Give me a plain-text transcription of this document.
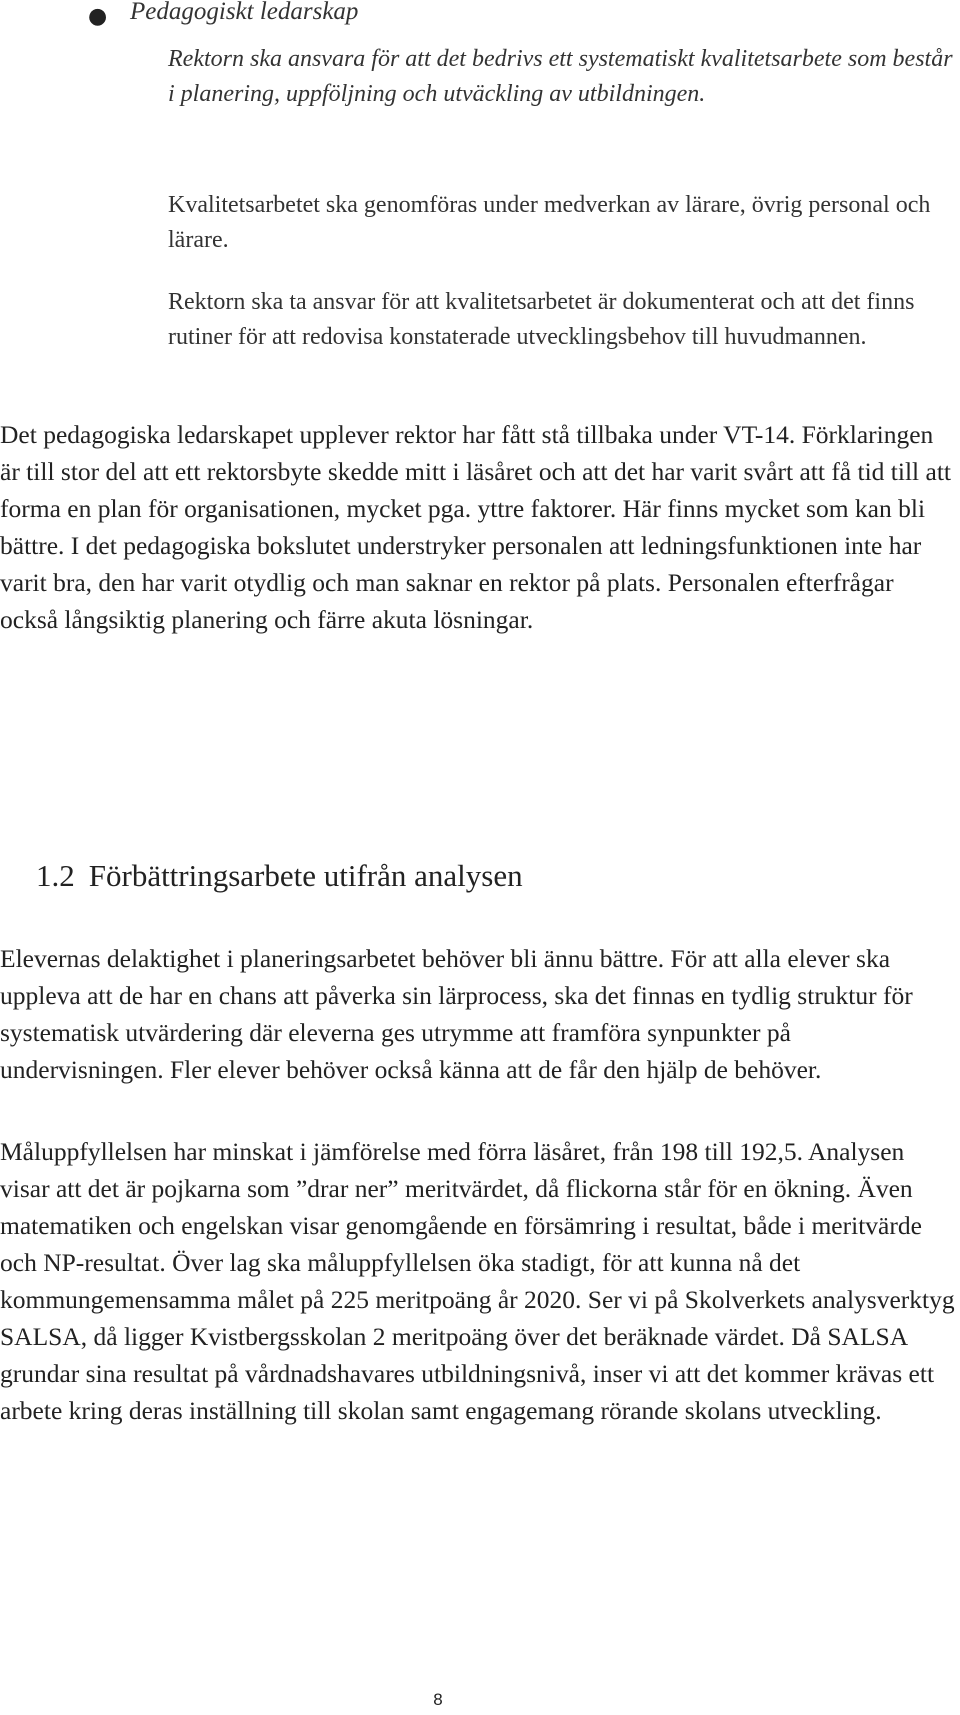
● Pedagogiskt ledarskap

Rektorn ska ansvara för att det bedrivs ett systematiskt kvalitetsarbete som består i planering, uppföljning och utväckling av utbildningen.

Kvalitetsarbetet ska genomföras under medverkan av lärare, övrig personal och lärare.

Rektorn ska ta ansvar för att kvalitetsarbetet är dokumenterat och att det finns rutiner för att redovisa konstaterade utvecklingsbehov till huvudmannen.

Det pedagogiska ledarskapet upplever rektor har fått stå tillbaka under VT-14. Förklaringen är till stor del att ett rektorsbyte skedde mitt i läsåret och att det har varit svårt att få tid till att forma en plan för organisationen, mycket pga. yttre faktorer. Här finns mycket som kan bli bättre. I det pedagogiska bokslutet understryker personalen att ledningsfunktionen inte har varit bra, den har varit otydlig och man saknar en rektor på plats. Personalen efterfrågar också långsiktig planering och färre akuta lösningar.

1.2 Förbättringsarbete utifrån analysen

Elevernas delaktighet i planeringsarbetet behöver bli ännu bättre. För att alla elever ska uppleva att de har en chans att påverka sin lärprocess, ska det finnas en tydlig struktur för systematisk utvärdering där eleverna ges utrymme att framföra synpunkter på undervisningen. Fler elever behöver också känna att de får den hjälp de behöver.

Måluppfyllelsen har minskat i jämförelse med förra läsåret, från 198 till 192,5. Analysen visar att det är pojkarna som ”drar ner” meritvärdet, då flickorna står för en ökning. Även matematiken och engelskan visar genomgående en försämring i resultat, både i meritvärde och NP-resultat. Över lag ska måluppfyllelsen öka stadigt, för att kunna nå det kommungemensamma målet på 225 meritpoäng år 2020. Ser vi på Skolverkets analysverktyg SALSA, då ligger Kvistbergsskolan 2 meritpoäng över det beräknade värdet. Då SALSA grundar sina resultat på vårdnadshavares utbildningsnivå, inser vi att det kommer krävas ett arbete kring deras inställning till skolan samt engagemang rörande skolans utveckling.

8
